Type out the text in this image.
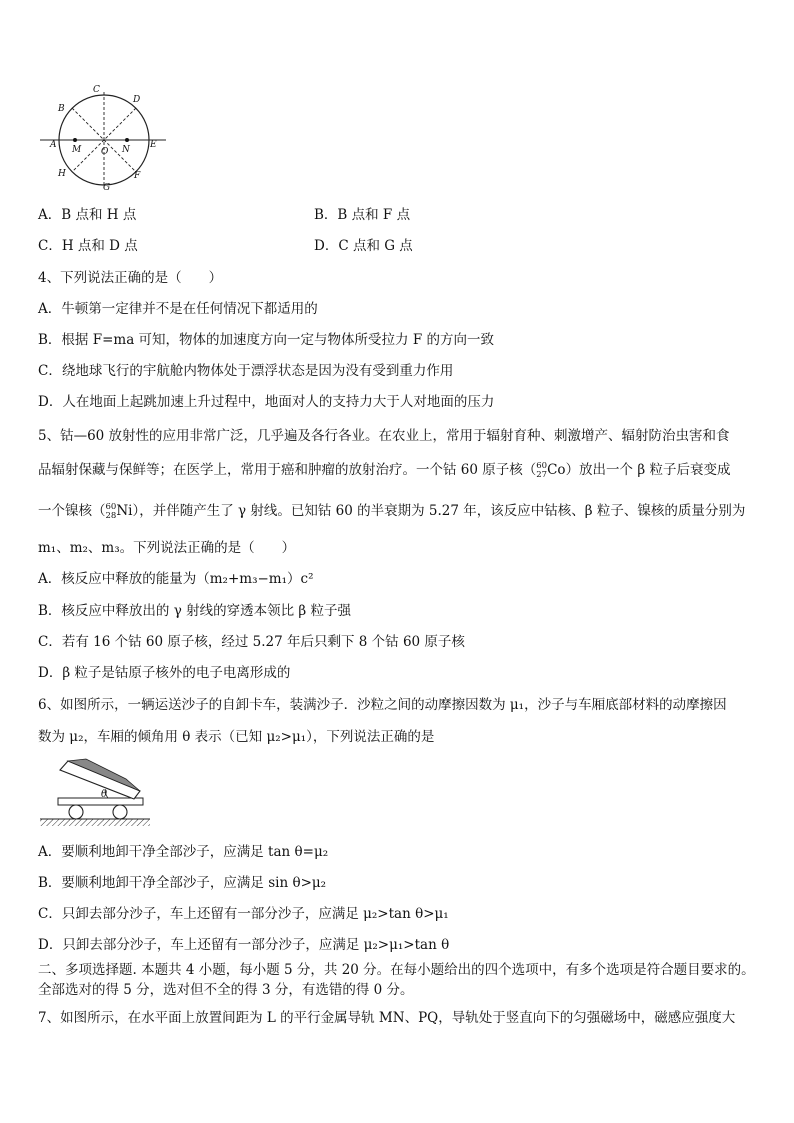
C
D
B
A M O N E
H	F
G
A．B 点和 H 点	B．B 点和 F 点
C．H 点和 D 点	D．C 点和 G 点
4、下列说法正确的是（　　）
A．牛顿第一定律并不是在任何情况下都适用的
B．根据 F=ma 可知，物体的加速度方向一定与物体所受拉力 F 的方向一致
C．绕地球飞行的宇航舱内物体处于漂浮状态是因为没有受到重力作用
D．人在地面上起跳加速上升过程中，地面对人的支持力大于人对地面的压力
5、钴—60 放射性的应用非常广泛，几乎遍及各行各业。在农业上，常用于辐射育种、刺激增产、辐射防治虫害和食
品辐射保藏与保鲜等；在医学上，常用于癌和肿瘤的放射治疗。一个钴 60 原子核（ 60
27 Co）放出一个 β 粒子后衰变成
一个镍核（ 60
28 Ni），并伴随产生了 γ 射线。已知钴 60 的半衰期为 5.27 年，该反应中钴核、β 粒子、镍核的质量分别为
m₁、m₂、m₃。下列说法正确的是（　　）
A．核反应中释放的能量为（m₂+m₃−m₁）c²
B．核反应中释放出的 γ 射线的穿透本领比 β 粒子强
C．若有 16 个钴 60 原子核，经过 5.27 年后只剩下 8 个钴 60 原子核
D．β 粒子是钴原子核外的电子电离形成的
6、如图所示，一辆运送沙子的自卸卡车，装满沙子．沙粒之间的动摩擦因数为 μ₁，沙子与车厢底部材料的动摩擦因
数为 μ₂，车厢的倾角用 θ 表示（已知 μ₂>μ₁），下列说法正确的是
θ
A．要顺利地卸干净全部沙子，应满足 tan θ=μ₂
B．要顺利地卸干净全部沙子，应满足 sin θ>μ₂
C．只卸去部分沙子，车上还留有一部分沙子，应满足 μ₂>tan θ>μ₁
D．只卸去部分沙子，车上还留有一部分沙子，应满足 μ₂>μ₁>tan θ
二、多项选择题. 本题共 4 小题，每小题 5 分，共 20 分。在每小题给出的四个选项中，有多个选项是符合题目要求的。全部选对的得 5 分，选对但不全的得 3 分，有选错的得 0 分。
7、如图所示，在水平面上放置间距为 L 的平行金属导轨 MN、PQ，导轨处于竖直向下的匀强磁场中，磁感应强度大
